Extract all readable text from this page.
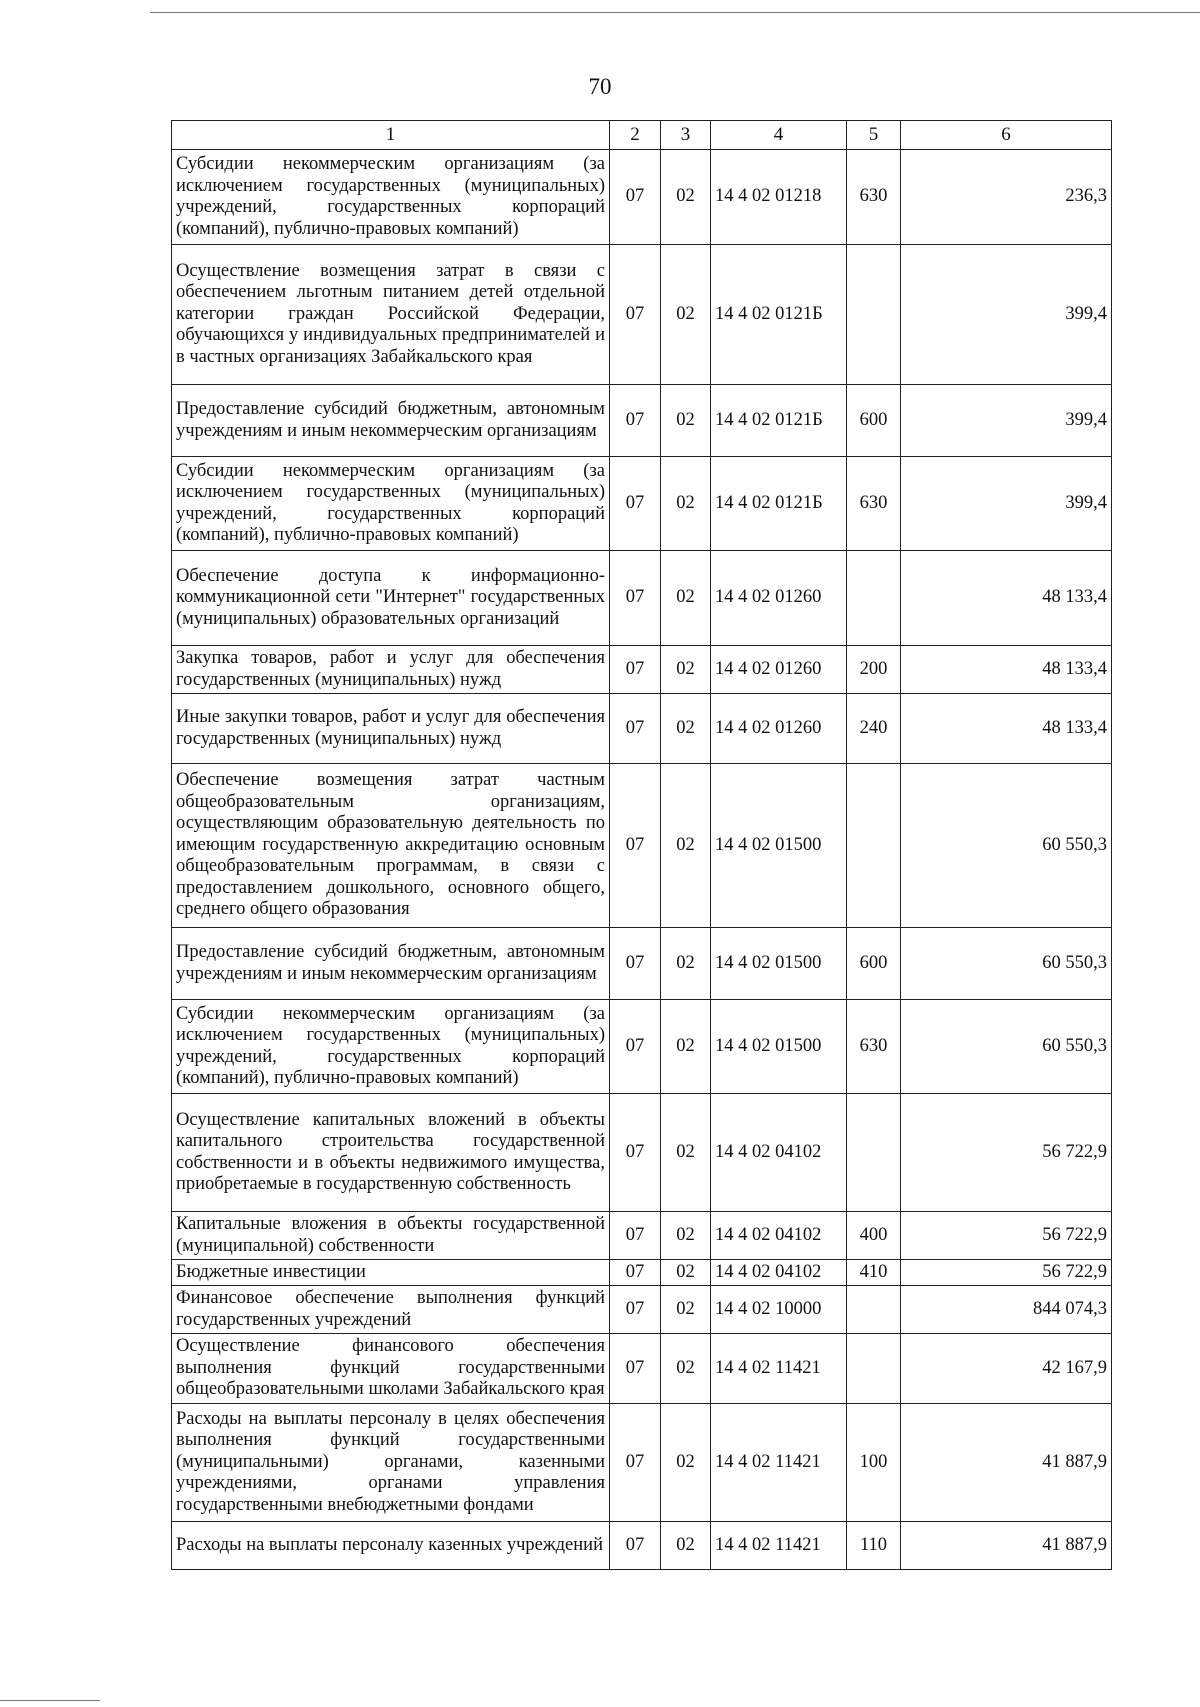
70
1	2	3	4	5	6
Субсидии некоммерческим организациям (за исключением государственных (муниципальных) учреждений, государственных корпораций (компаний), публично-правовых компаний)	07	02	14 4 02 01218	630	236,3
Осуществление возмещения затрат в связи с обеспечением льготным питанием детей отдельной категории граждан Российской Федерации, обучающихся у индивидуальных предпринимателей и в частных организациях Забайкальского края	07	02	14 4 02 0121Б		399,4
Предоставление субсидий бюджетным, автономным учреждениям и иным некоммерческим организациям	07	02	14 4 02 0121Б	600	399,4
Субсидии некоммерческим организациям (за исключением государственных (муниципальных) учреждений, государственных корпораций (компаний), публично-правовых компаний)	07	02	14 4 02 0121Б	630	399,4
Обеспечение доступа к информационно-коммуникационной сети "Интернет" государственных (муниципальных) образовательных организаций	07	02	14 4 02 01260		48 133,4
Закупка товаров, работ и услуг для обеспечения государственных (муниципальных) нужд	07	02	14 4 02 01260	200	48 133,4
Иные закупки товаров, работ и услуг для обеспечения государственных (муниципальных) нужд	07	02	14 4 02 01260	240	48 133,4
Обеспечение возмещения затрат частным общеобразовательным организациям, осуществляющим образовательную деятельность по имеющим государственную аккредитацию основным общеобразовательным программам, в связи с предоставлением дошкольного, основного общего, среднего общего образования	07	02	14 4 02 01500		60 550,3
Предоставление субсидий бюджетным, автономным учреждениям и иным некоммерческим организациям	07	02	14 4 02 01500	600	60 550,3
Субсидии некоммерческим организациям (за исключением государственных (муниципальных) учреждений, государственных корпораций (компаний), публично-правовых компаний)	07	02	14 4 02 01500	630	60 550,3
Осуществление капитальных вложений в объекты капитального строительства государственной собственности и в объекты недвижимого имущества, приобретаемые в государственную собственность	07	02	14 4 02 04102		56 722,9
Капитальные вложения в объекты государственной (муниципальной) собственности	07	02	14 4 02 04102	400	56 722,9
Бюджетные инвестиции	07	02	14 4 02 04102	410	56 722,9
Финансовое обеспечение выполнения функций государственных учреждений	07	02	14 4 02 10000		844 074,3
Осуществление финансового обеспечения выполнения функций государственными общеобразовательными школами Забайкальского края	07	02	14 4 02 11421		42 167,9
Расходы на выплаты персоналу в целях обеспечения выполнения функций государственными (муниципальными) органами, казенными учреждениями, органами управления государственными внебюджетными фондами	07	02	14 4 02 11421	100	41 887,9
Расходы на выплаты персоналу казенных учреждений	07	02	14 4 02 11421	110	41 887,9
